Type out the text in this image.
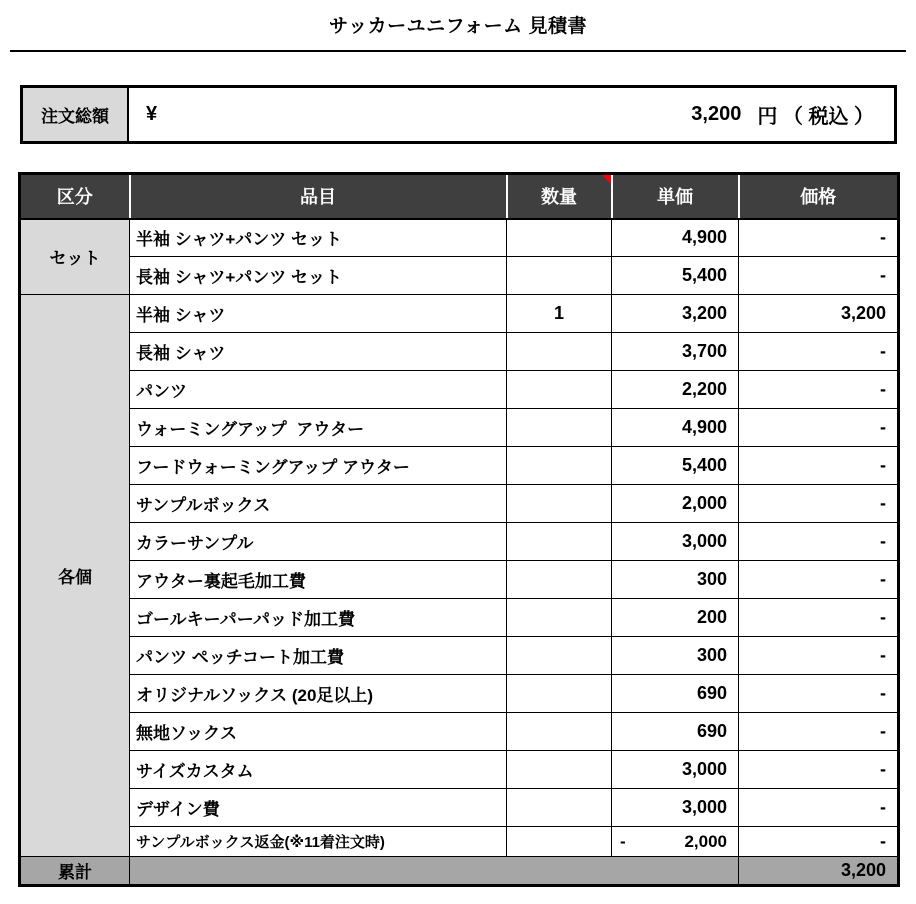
サッカーユニフォーム 見積書
注文総額	¥	3,200 円 （ 税込 ）
区分	品目	数量	単価	価格
セット	半袖 シャツ+パンツ セット		4,900	-
	長袖 シャツ+パンツ セット		5,400	-
各個	半袖 シャツ	1	3,200	3,200
	長袖 シャツ		3,700	-
	パンツ		2,200	-
	ウォーミングアップ  アウター		4,900	-
	フードウォーミングアップ アウター		5,400	-
	サンプルボックス		2,000	-
	カラーサンプル		3,000	-
	アウター裏起毛加工費		300	-
	ゴールキーパーパッド加工費		200	-
	パンツ ペッチコート加工費		300	-
	オリジナルソックス (20足以上)		690	-
	無地ソックス		690	-
	サイズカスタム		3,000	-
	デザイン費		3,000	-
	サンプルボックス返金(※11着注文時)		- 2,000	-
累計				3,200
